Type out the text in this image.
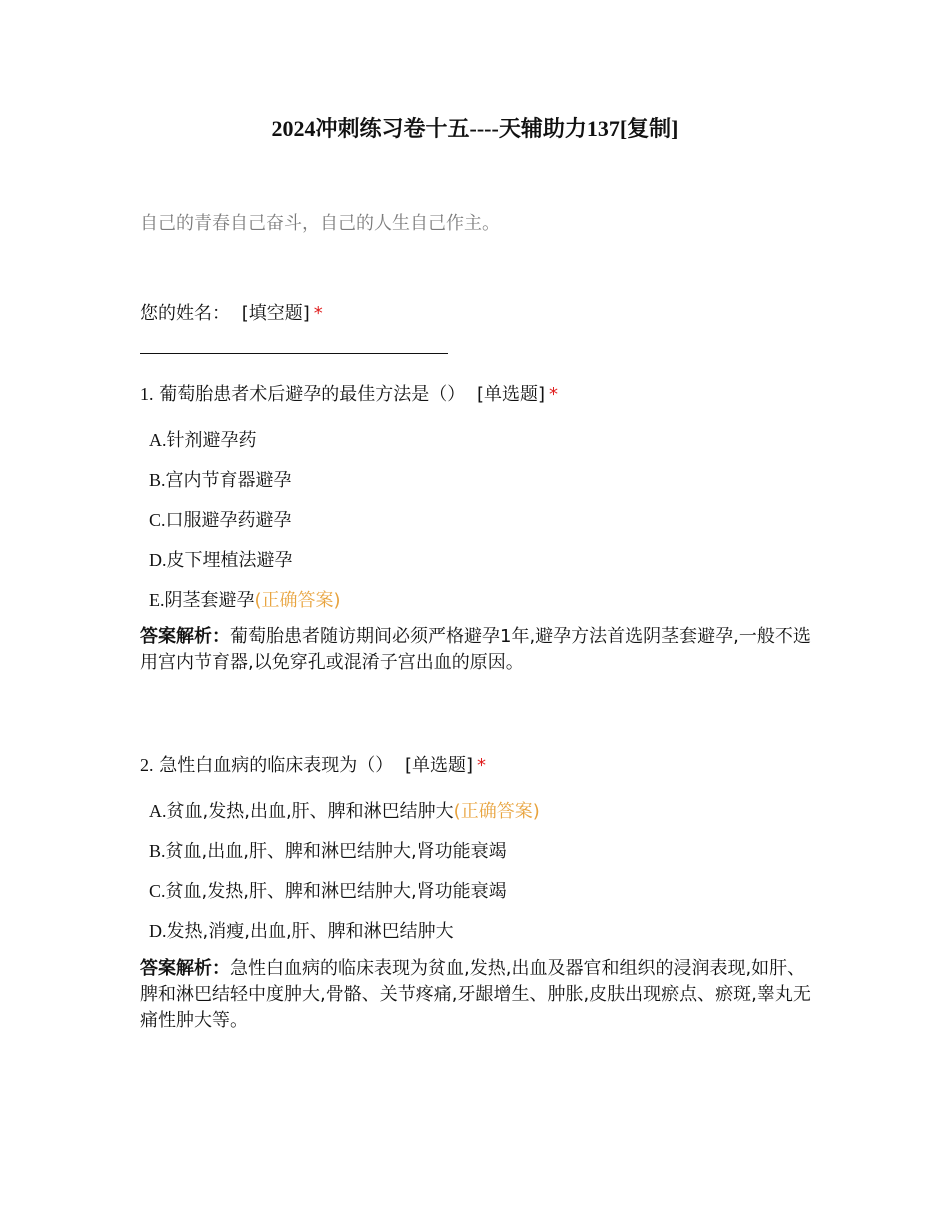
2024冲刺练习卷十五----天辅助力137[复制]
自己的青春自己奋斗，自己的人生自己作主。
您的姓名： [填空题] *
1. 葡萄胎患者术后避孕的最佳方法是（） [单选题] *
A.针剂避孕药
B.宫内节育器避孕
C.口服避孕药避孕
D.皮下埋植法避孕
E.阴茎套避孕(正确答案)
答案解析：葡萄胎患者随访期间必须严格避孕1年,避孕方法首选阴茎套避孕,一般不选用宫内节育器,以免穿孔或混淆子宫出血的原因。
2. 急性白血病的临床表现为（） [单选题] *
A.贫血,发热,出血,肝、脾和淋巴结肿大(正确答案)
B.贫血,出血,肝、脾和淋巴结肿大,肾功能衰竭
C.贫血,发热,肝、脾和淋巴结肿大,肾功能衰竭
D.发热,消瘦,出血,肝、脾和淋巴结肿大
答案解析：急性白血病的临床表现为贫血,发热,出血及器官和组织的浸润表现,如肝、脾和淋巴结轻中度肿大,骨骼、关节疼痛,牙龈增生、肿胀,皮肤出现瘀点、瘀斑,睾丸无痛性肿大等。
